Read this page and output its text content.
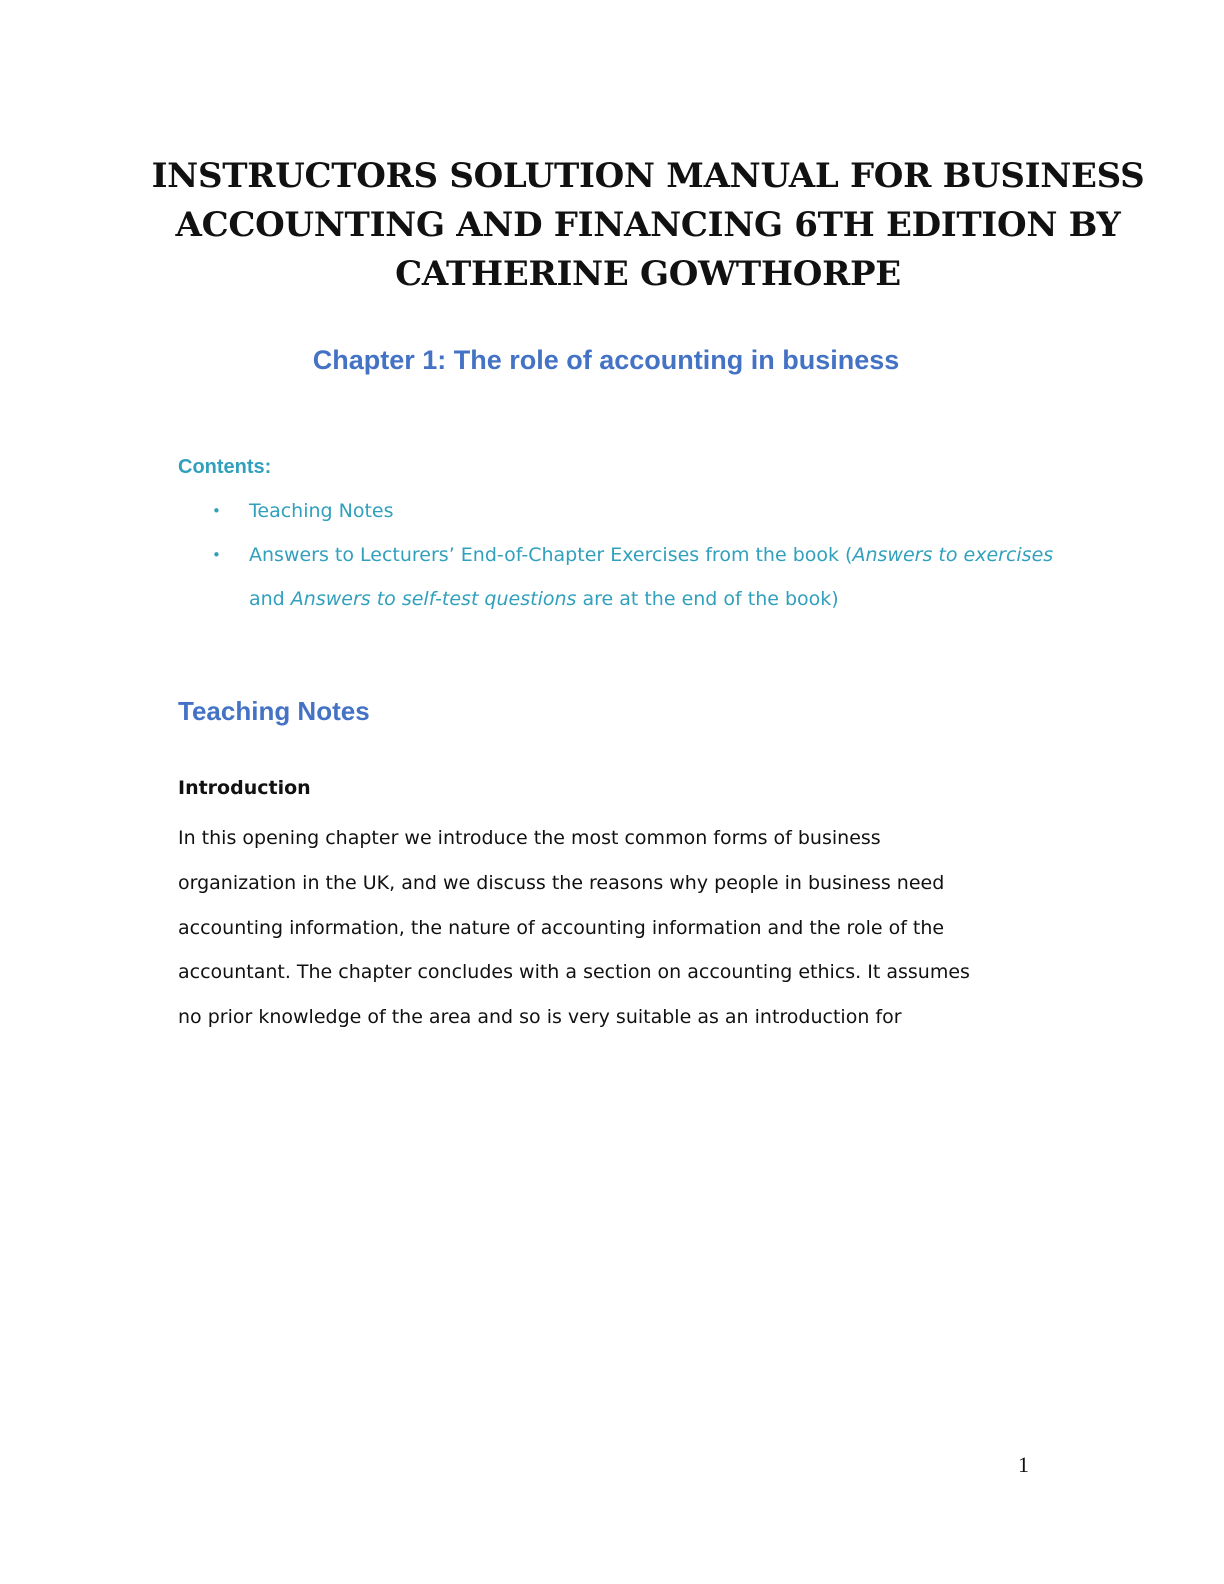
INSTRUCTORS SOLUTION MANUAL FOR BUSINESS
ACCOUNTING AND FINANCING 6TH EDITION BY
CATHERINE GOWTHORPE
Chapter 1: The role of accounting in business
Contents:
• Teaching Notes
• Answers to Lecturers’ End-of-Chapter Exercises from the book (Answers to exercises and Answers to self-test questions are at the end of the book)
Teaching Notes
Introduction
In this opening chapter we introduce the most common forms of business
organization in the UK, and we discuss the reasons why people in business need
accounting information, the nature of accounting information and the role of the
accountant. The chapter concludes with a section on accounting ethics. It assumes
no prior knowledge of the area and so is very suitable as an introduction for
1
